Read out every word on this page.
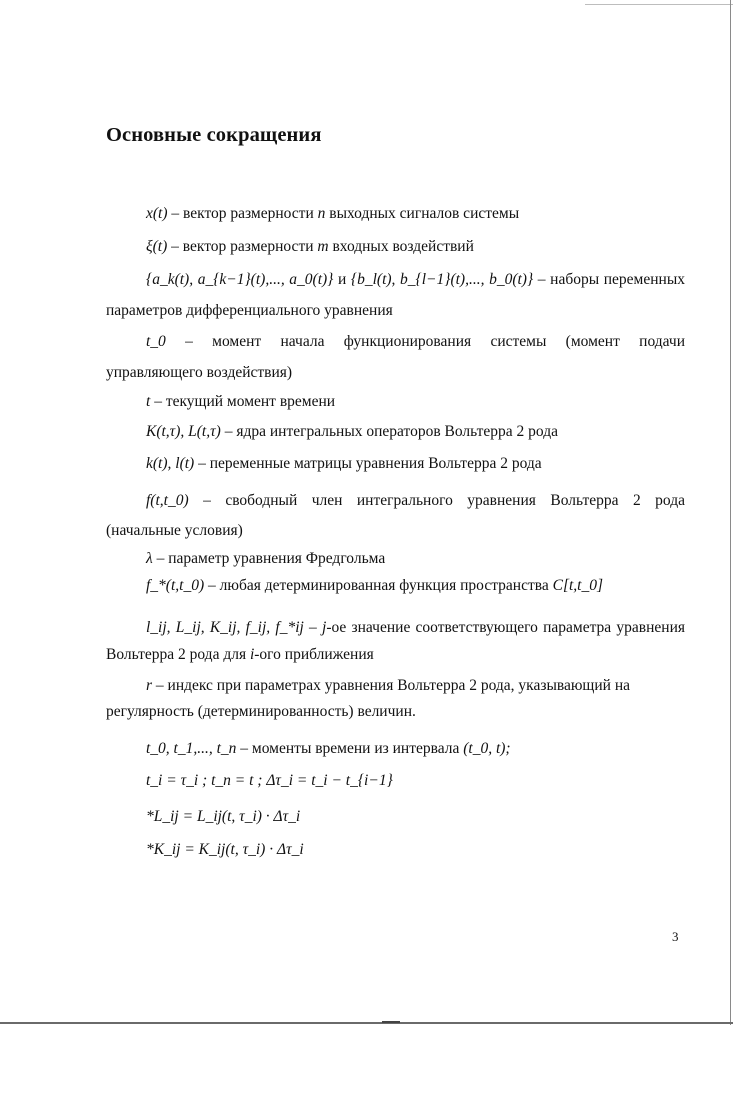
Основные сокращения
x(t) – вектор размерности n выходных сигналов системы
ξ(t) – вектор размерности m входных воздействий
{a_k(t), a_{k−1}(t),..., a_0(t)} и {b_l(t), b_{l−1}(t),..., b_0(t)} – наборы переменных
параметров дифференциального уравнения
t_0 – момент начала функционирования системы (момент подачи
управляющего воздействия)
t – текущий момент времени
K(t,τ), L(t,τ) – ядра интегральных операторов Вольтерра 2 рода
k(t), l(t) – переменные матрицы уравнения Вольтерра 2 рода
f(t,t_0) – свободный член интегрального уравнения Вольтерра 2 рода
(начальные условия)
λ – параметр уравнения Фредгольма
f_*(t,t_0) – любая детерминированная функция пространства C[t,t_0]
l_ij, L_ij, K_ij, f_ij, f_*ij – j-ое значение соответствующего параметра уравнения
Вольтерра 2 рода для i-ого приближения
r – индекс при параметрах уравнения Вольтерра 2 рода, указывающий на
регулярность (детерминированность) величин.
t_0, t_1,..., t_n – моменты времени из интервала (t_0, t);
t_i = τ_i ; t_n = t ; Δτ_i = t_i − t_{i−1}
*L_ij = L_ij(t, τ_i) · Δτ_i
*K_ij = K_ij(t, τ_i) · Δτ_i
3
